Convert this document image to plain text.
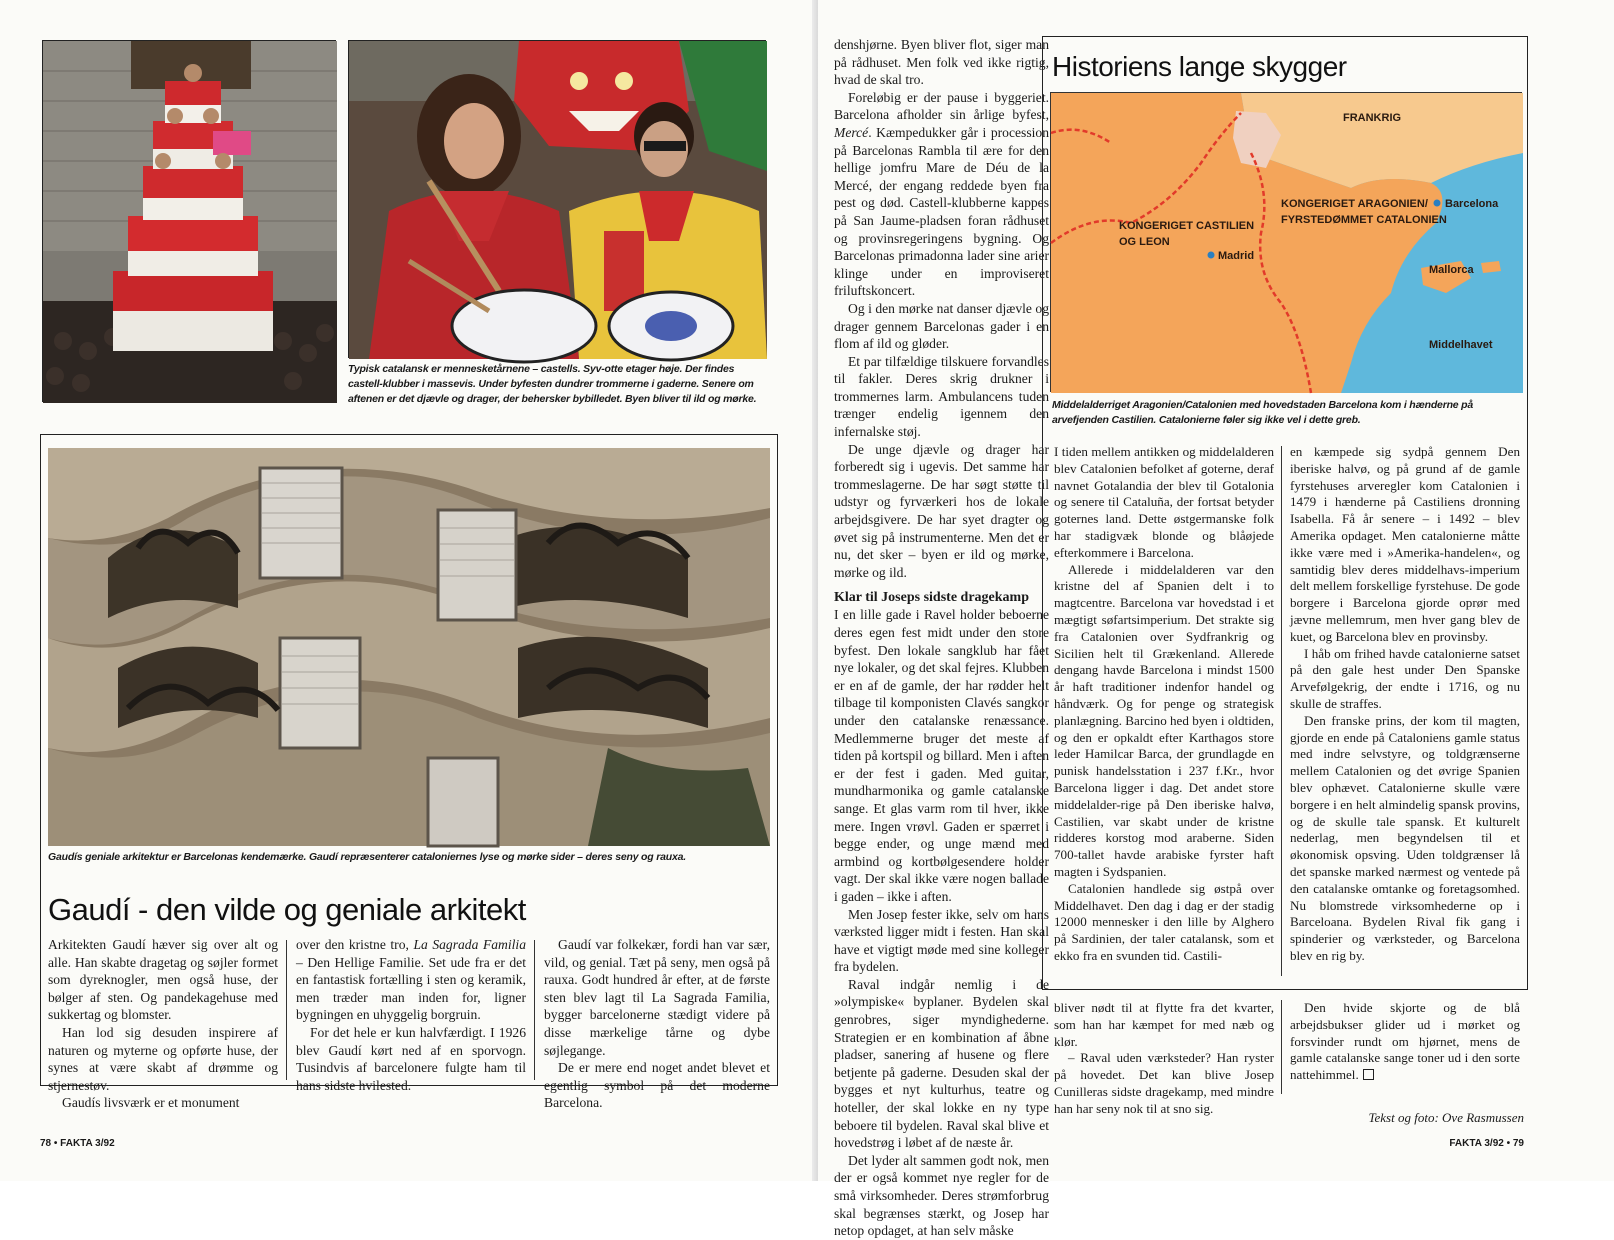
Typisk catalansk er mennesketårnene – castells. Syv-otte etager høje. Der findes castell-klubber i massevis. Under byfesten dundrer trommerne i gaderne. Senere om aftenen er det djævle og drager, der behersker bybilledet. Byen bliver til ild og mørke.
Gaudís geniale arkitektur er Barcelonas kendemærke. Gaudí repræsenterer cataloniernes lyse og mørke sider – deres seny og rauxa.
Gaudí - den vilde og geniale arkitekt

Arkitekten Gaudí hæver sig over alt og alle. Han skabte dragetag og søjler formet som dyreknogler, men også huse, der bølger af sten. Og pandekagehuse med sukkertag og blomster.

Han lod sig desuden inspirere af naturen og myterne og opførte huse, der synes at være skabt af drømme og stjernestøv.

Gaudís livsværk er et monument

over den kristne tro, La Sagrada Familia – Den Hellige Familie. Set ude fra er det en fantastisk fortælling i sten og keramik, men træder man inden for, ligner bygningen en uhyggelig borgruin.

For det hele er kun halvfærdigt. I 1926 blev Gaudí kørt ned af en sporvogn. Tusindvis af barcelonere fulgte ham til hans sidste hvilested.

Gaudí var folkekær, fordi han var sær, vild, og genial. Tæt på seny, men også på rauxa. Godt hundred år efter, at de første sten blev lagt til La Sagrada Familia, bygger barcelonerne stædigt videre på disse mærkelige tårne og dybe søjlegange.

De er mere end noget andet blevet et egentlig symbol på det moderne Barcelona.

78 • FAKTA 3/92

denshjørne. Byen bliver flot, siger man på rådhuset. Men folk ved ikke rigtig, hvad de skal tro.

Foreløbig er der pause i byggeriet. Barcelona afholder sin årlige byfest, Mercé. Kæmpedukker går i procession på Barcelonas Rambla til ære for den hellige jomfru Mare de Déu de la Mercé, der engang reddede byen fra pest og død. Castell-klubberne kappes på San Jaume-pladsen foran rådhuset og provinsregeringens bygning. Og Barcelonas primadonna lader sine arier klinge under en improviseret friluftskoncert.

Og i den mørke nat danser djævle og drager gennem Barcelonas gader i en flom af ild og gløder.

Et par tilfældige tilskuere forvandles til fakler. Deres skrig drukner i trommernes larm. Ambulancens tuden trænger endelig igennem den infernalske støj.

De unge djævle og drager har forberedt sig i ugevis. Det samme har trommeslagerne. De har søgt støtte til udstyr og fyrværkeri hos de lokale arbejdsgivere. De har syet dragter og øvet sig på instrumenterne. Men det er nu, det sker – byen er ild og mørke, mørke og ild.

Klar til Joseps sidste dragekamp

I en lille gade i Ravel holder beboerne deres egen fest midt under den store byfest. Den lokale sangklub har fået nye lokaler, og det skal fejres. Klubben er en af de gamle, der har rødder helt tilbage til komponisten Clavés sangkor under den catalanske renæssance. Medlemmerne bruger det meste af tiden på kortspil og billard. Men i aften er der fest i gaden. Med guitar, mundharmonika og gamle catalanske sange. Et glas varm rom til hver, ikke mere. Ingen vrøvl. Gaden er spærret i begge ender, og unge mænd med armbind og kortbølgesendere holder vagt. Der skal ikke være nogen ballade i gaden – ikke i aften.

Men Josep fester ikke, selv om hans værksted ligger midt i festen. Han skal have et vigtigt møde med sine kolleger fra bydelen.

Raval indgår nemlig i de »olympiske« byplaner. Bydelen skal genrobres, siger myndighederne. Strategien er en kombination af åbne pladser, sanering af husene og flere betjente på gaderne. Desuden skal der bygges et nyt kulturhus, teatre og hoteller, der skal lokke en ny type beboere til bydelen. Raval skal blive et hovedstrøg i løbet af de næste år.

Det lyder alt sammen godt nok, men der er også kommet nye regler for de små virksomheder. Deres strømforbrug skal begrænses stærkt, og Josep har netop opdaget, at han selv måske

Historiens lange skygger
FRANKRIG
KONGERIGET CASTILIEN
OG LEON
Madrid
KONGERIGET ARAGONIEN/
FYRSTEDØMMET CATALONIEN
Barcelona
Mallorca
Middelhavet
Middelalderriget Aragonien/Catalonien med hovedstaden Barcelona kom i hænderne på arvefjenden Castilien. Catalonierne føler sig ikke vel i dette greb.

I tiden mellem antikken og middelalderen blev Catalonien befolket af goterne, deraf navnet Gotalandia der blev til Gotalonia og senere til Cataluña, der fortsat betyder goternes land. Dette østgermanske folk har stadigvæk blonde og blåøjede efterkommere i Barcelona.

Allerede i middelalderen var den kristne del af Spanien delt i to magtcentre. Barcelona var hovedstad i et mægtigt søfartsimperium. Det strakte sig fra Catalonien over Sydfrankrig og Sicilien helt til Grækenland. Allerede dengang havde Barcelona i mindst 1500 år haft traditioner indenfor handel og håndværk. Og for penge og strategisk planlægning. Barcino hed byen i oldtiden, og den er opkaldt efter Karthagos store leder Hamilcar Barca, der grundlagde en punisk handelsstation i 237 f.Kr., hvor Barcelona ligger i dag. Det andet store middelalder-rige på Den iberiske halvø, Castilien, var skabt under de kristne ridderes korstog mod araberne. Siden 700-tallet havde arabiske fyrster haft magten i Sydspanien.

Catalonien handlede sig østpå over Middelhavet. Den dag i dag er der stadig 12000 mennesker i den lille by Alghero på Sardinien, der taler catalansk, som et ekko fra en svunden tid. Castili-

en kæmpede sig sydpå gennem Den iberiske halvø, og på grund af de gamle fyrstehuses arveregler kom Catalonien i 1479 i hænderne på Castiliens dronning Isabella. Få år senere – i 1492 – blev Amerika opdaget. Men catalonierne måtte ikke være med i »Amerika-handelen«, og samtidig blev deres middelhavs-imperium delt mellem forskellige fyrstehuse. De gode borgere i Barcelona gjorde oprør med jævne mellemrum, men hver gang blev de kuet, og Barcelona blev en provinsby.

I håb om frihed havde catalonierne satset på den gale hest under Den Spanske Arvefølgekrig, der endte i 1716, og nu skulle de straffes.

Den franske prins, der kom til magten, gjorde en ende på Cataloniens gamle status med indre selvstyre, og toldgrænserne mellem Catalonien og det øvrige Spanien blev ophævet. Catalonierne skulle være borgere i en helt almindelig spansk provins, og de skulle tale spansk. Et kulturelt nederlag, men begyndelsen til et økonomisk opsving. Uden toldgrænser lå det spanske marked nærmest og ventede på den catalanske omtanke og foretagsomhed. Nu blomstrede virksomhederne op i Barceloana. Bydelen Rival fik gang i spinderier og værksteder, og Barcelona blev en rig by.

bliver nødt til at flytte fra det kvarter, som han har kæmpet for med næb og klør.

– Raval uden værksteder? Han ryster på hovedet. Det kan blive Josep Cunilleras sidste dragekamp, med mindre han har seny nok til at sno sig.

Den hvide skjorte og de blå arbejdsbukser glider ud i mørket og forsvinder rundt om hjørnet, mens de gamle catalanske sange toner ud i den sorte nattehimmel.

Tekst og foto: Ove Rasmussen
FAKTA 3/92 • 79
